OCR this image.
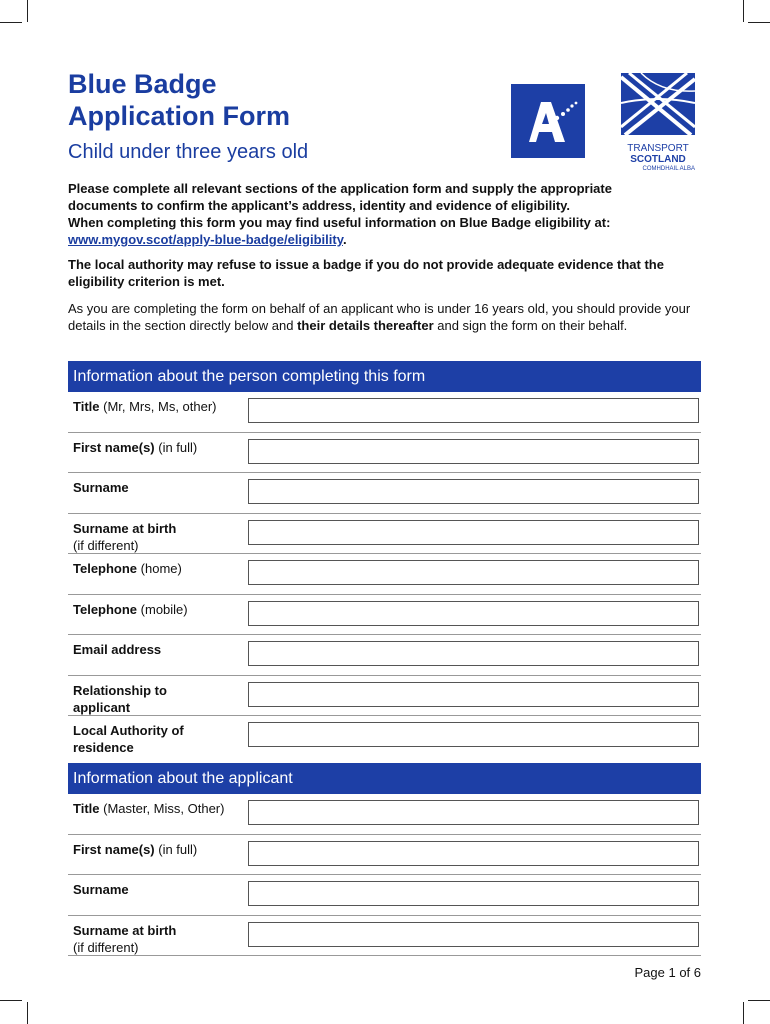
Blue Badge
Application Form
Child under three years old	TRANSPORT
SCOTLAND
COMHDHAIL ALBA

Please complete all relevant sections of the application form and supply the appropriate
documents to confirm the applicant’s address, identity and evidence of eligibility.
When completing this form you may find useful information on Blue Badge eligibility at:
www.mygov.scot/apply-blue-badge/eligibility.

The local authority may refuse to issue a badge if you do not provide adequate evidence that the eligibility criterion is met.

As you are completing the form on behalf of an applicant who is under 16 years old, you should provide your details in the section directly below and their details thereafter and sign the form on their behalf.

Information about the person completing this form
Title (Mr, Mrs, Ms, other)
First name(s) (in full)
Surname
Surname at birth
(if different)
Telephone (home)
Telephone (mobile)
Email address
Relationship to applicant
Local Authority of residence
Information about the applicant
Title (Master, Miss, Other)
First name(s) (in full)
Surname
Surname at birth
(if different)
Page 1 of 6
